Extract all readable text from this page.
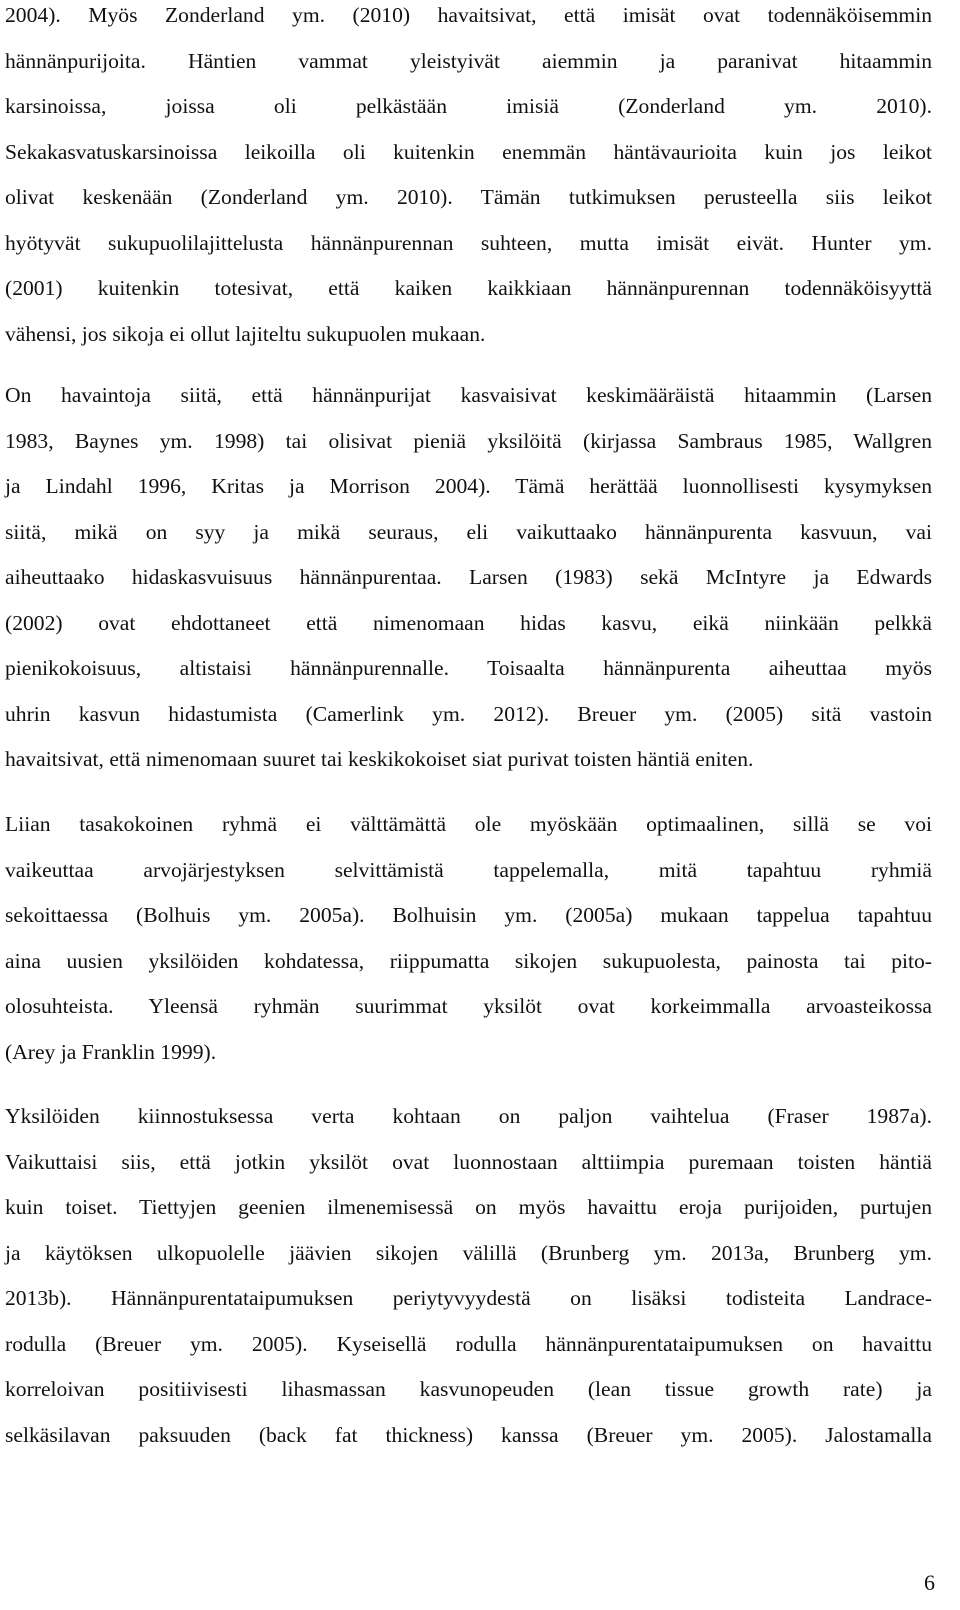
2004). Myös Zonderland ym. (2010) havaitsivat, että imisät ovat todennäköisemmin
hännänpurijoita. Häntien vammat yleistyivät aiemmin ja paranivat hitaammin
karsinoissa, joissa oli pelkästään imisiä (Zonderland ym. 2010).
Sekakasvatuskarsinoissa leikoilla oli kuitenkin enemmän häntävaurioita kuin jos leikot
olivat keskenään (Zonderland ym. 2010). Tämän tutkimuksen perusteella siis leikot
hyötyvät sukupuolilajittelusta hännänpurennan suhteen, mutta imisät eivät. Hunter ym.
(2001) kuitenkin totesivat, että kaiken kaikkiaan hännänpurennan todennäköisyyttä
vähensi, jos sikoja ei ollut lajiteltu sukupuolen mukaan.
On havaintoja siitä, että hännänpurijat kasvaisivat keskimääräistä hitaammin (Larsen
1983, Baynes ym. 1998) tai olisivat pieniä yksilöitä (kirjassa Sambraus 1985, Wallgren
ja Lindahl 1996, Kritas ja Morrison 2004). Tämä herättää luonnollisesti kysymyksen
siitä, mikä on syy ja mikä seuraus, eli vaikuttaako hännänpurenta kasvuun, vai
aiheuttaako hidaskasvuisuus hännänpurentaa. Larsen (1983) sekä McIntyre ja Edwards
(2002) ovat ehdottaneet että nimenomaan hidas kasvu, eikä niinkään pelkkä
pienikokoisuus, altistaisi hännänpurennalle. Toisaalta hännänpurenta aiheuttaa myös
uhrin kasvun hidastumista (Camerlink ym. 2012). Breuer ym. (2005) sitä vastoin
havaitsivat, että nimenomaan suuret tai keskikokoiset siat purivat toisten häntiä eniten.
Liian tasakokoinen ryhmä ei välttämättä ole myöskään optimaalinen, sillä se voi
vaikeuttaa arvojärjestyksen selvittämistä tappelemalla, mitä tapahtuu ryhmiä
sekoittaessa (Bolhuis ym. 2005a). Bolhuisin ym. (2005a) mukaan tappelua tapahtuu
aina uusien yksilöiden kohdatessa, riippumatta sikojen sukupuolesta, painosta tai pito-
olosuhteista. Yleensä ryhmän suurimmat yksilöt ovat korkeimmalla arvoasteikossa
(Arey ja Franklin 1999).
Yksilöiden kiinnostuksessa verta kohtaan on paljon vaihtelua (Fraser 1987a).
Vaikuttaisi siis, että jotkin yksilöt ovat luonnostaan alttiimpia puremaan toisten häntiä
kuin toiset. Tiettyjen geenien ilmenemisessä on myös havaittu eroja purijoiden, purtujen
ja käytöksen ulkopuolelle jäävien sikojen välillä (Brunberg ym. 2013a, Brunberg ym.
2013b). Hännänpurentataipumuksen periytyvyydestä on lisäksi todisteita Landrace-
rodulla (Breuer ym. 2005). Kyseisellä rodulla hännänpurentataipumuksen on havaittu
korreloivan positiivisesti lihasmassan kasvunopeuden (lean tissue growth rate) ja
selkäsilavan paksuuden (back fat thickness) kanssa (Breuer ym. 2005). Jalostamalla
6
